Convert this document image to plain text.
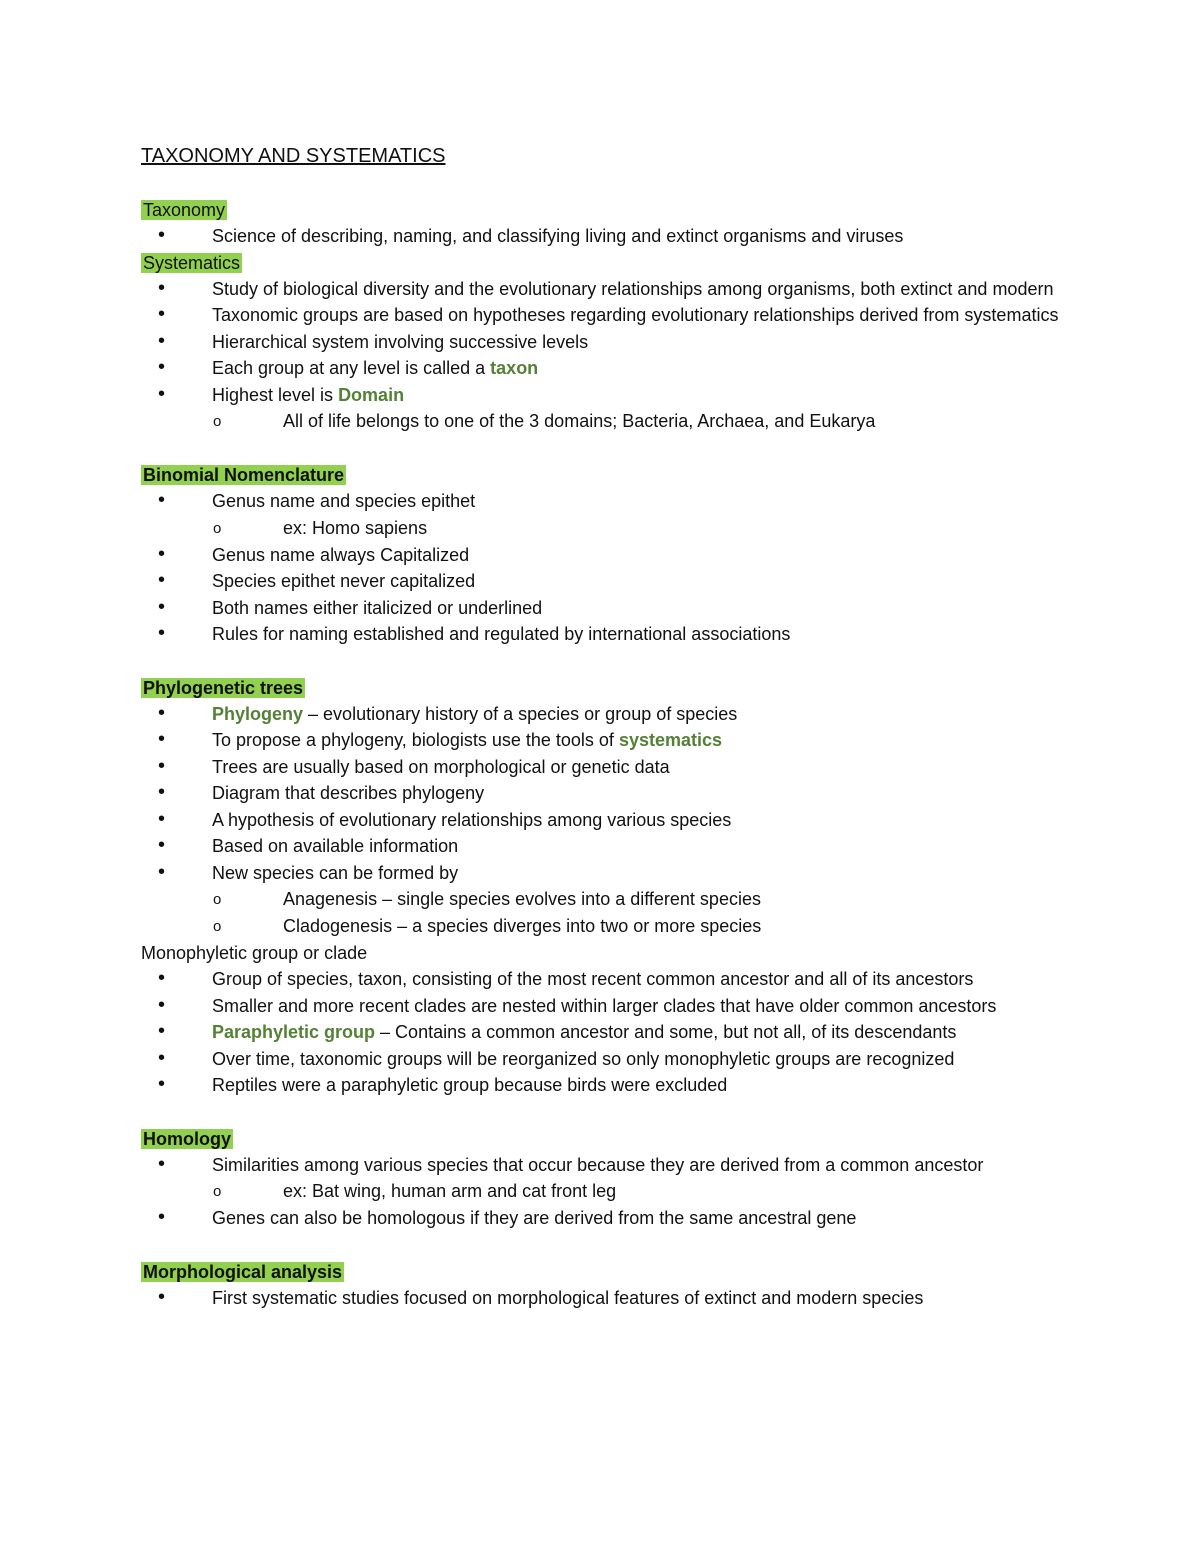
TAXONOMY AND SYSTEMATICS
Taxonomy
•	Science of describing, naming, and classifying living and extinct organisms and viruses
Systematics
•	Study of biological diversity and the evolutionary relationships among organisms, both extinct and modern
•	Taxonomic groups are based on hypotheses regarding evolutionary relationships derived from systematics
•	Hierarchical system involving successive levels
•	Each group at any level is called a taxon
•	Highest level is Domain
o	All of life belongs to one of the 3 domains; Bacteria, Archaea, and Eukarya
Binomial Nomenclature
•	Genus name and species epithet
o	ex: Homo sapiens
•	Genus name always Capitalized
•	Species epithet never capitalized
•	Both names either italicized or underlined
•	Rules for naming established and regulated by international associations
Phylogenetic trees
•	Phylogeny – evolutionary history of a species or group of species
•	To propose a phylogeny, biologists use the tools of systematics
•	Trees are usually based on morphological or genetic data
•	Diagram that describes phylogeny
•	A hypothesis of evolutionary relationships among various species
•	Based on available information
•	New species can be formed by
o	Anagenesis – single species evolves into a different species
o	Cladogenesis – a species diverges into two or more species
Monophyletic group or clade
•	Group of species, taxon, consisting of the most recent common ancestor and all of its ancestors
•	Smaller and more recent clades are nested within larger clades that have older common ancestors
•	Paraphyletic group – Contains a common ancestor and some, but not all, of its descendants
•	Over time, taxonomic groups will be reorganized so only monophyletic groups are recognized
•	Reptiles were a paraphyletic group because birds were excluded
Homology
•	Similarities among various species that occur because they are derived from a common ancestor
o	ex: Bat wing, human arm and cat front leg
•	Genes can also be homologous if they are derived from the same ancestral gene
Morphological analysis
•	First systematic studies focused on morphological features of extinct and modern species
